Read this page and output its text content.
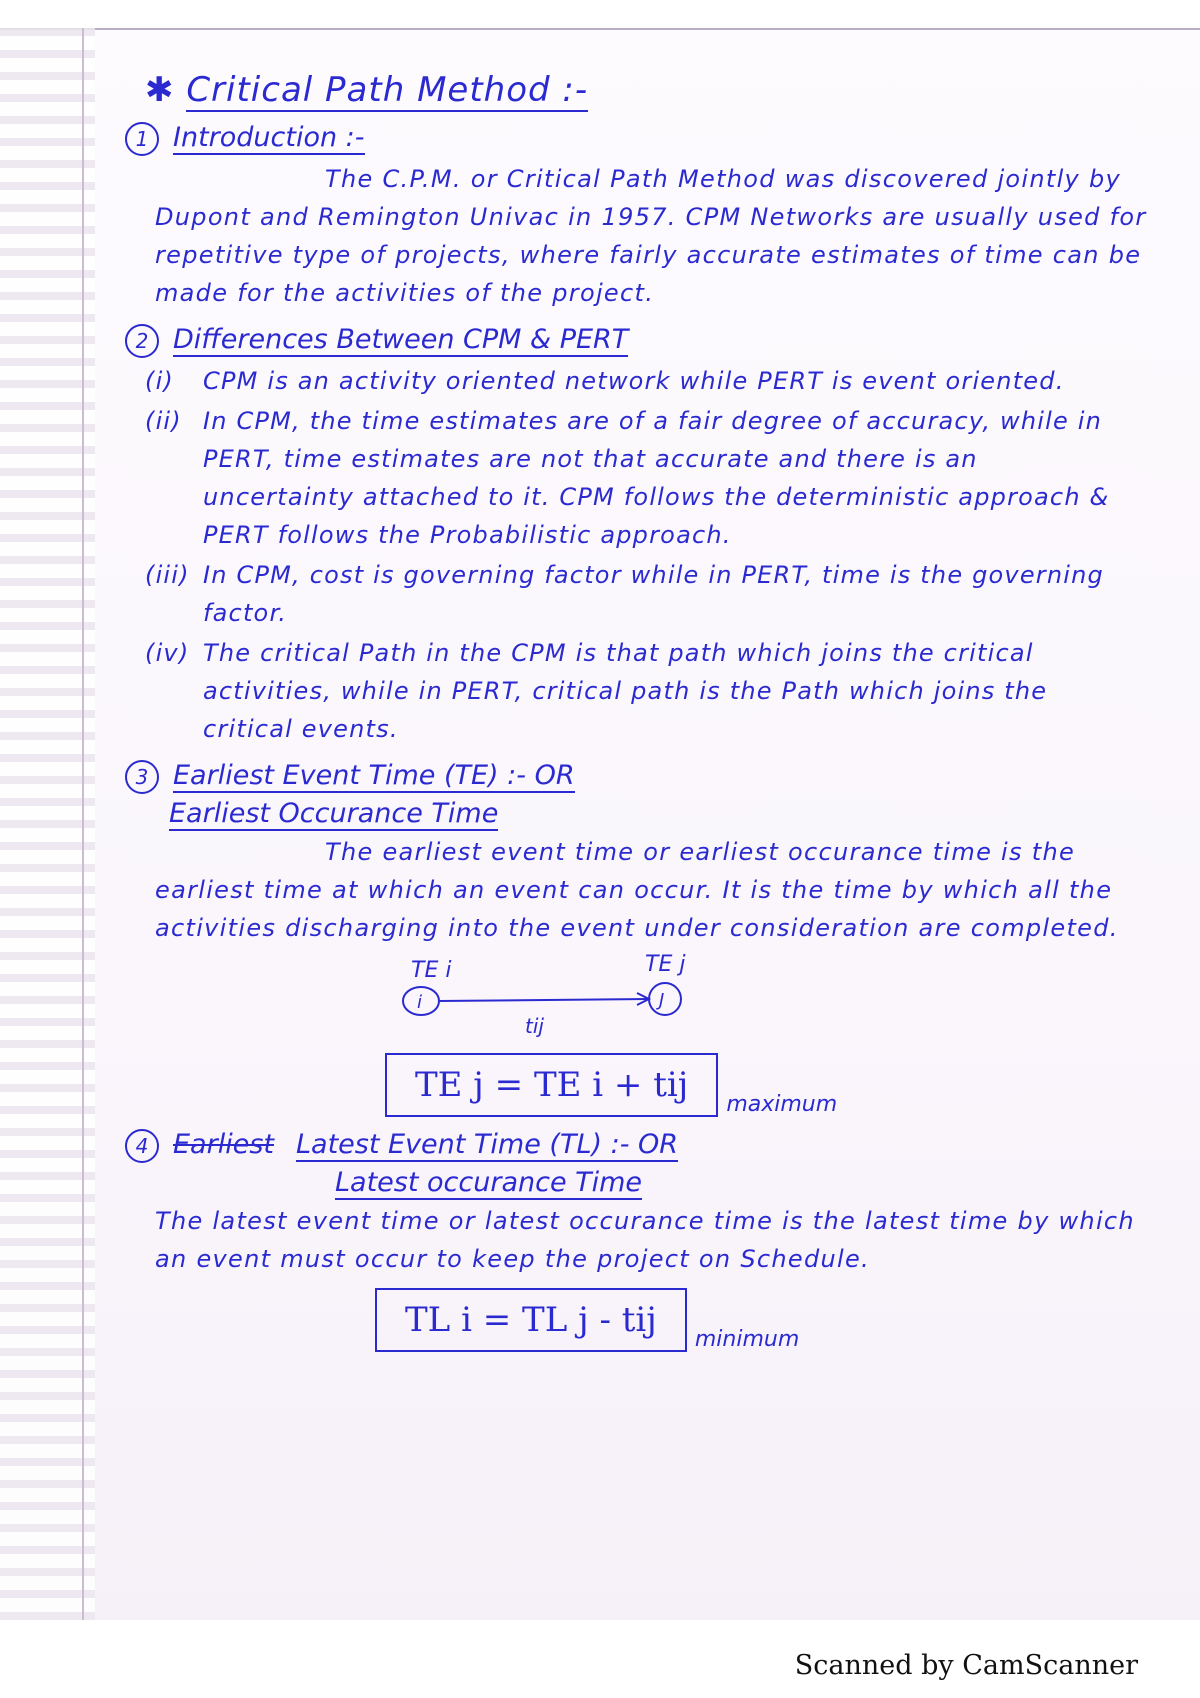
✱ Critical Path Method :-
1 Introduction :-

The C.P.M. or Critical Path Method was discovered jointly by Dupont and Remington Univac in 1957. CPM Networks are usually used for repetitive type of projects, where fairly accurate estimates of time can be made for the activities of the project.

2 Differences Between CPM & PERT
(i)	CPM is an activity oriented network while PERT is event oriented.
(ii) In CPM, the time estimates are of a fair degree of accuracy, while in PERT, time estimates are not that accurate and there is an uncertainty attached to it. CPM follows the deterministic approach & PERT follows the Probabilistic approach.
(iii) In CPM, cost is governing factor while in PERT, time is the governing factor.
(iv) The critical Path in the CPM is that path which joins the critical activities, while in PERT, critical path is the Path which joins the critical events.
3 Earliest Event Time (TE) :- OR
Earliest Occurance Time

The earliest event time or earliest occurance time is the earliest time at which an event can occur. It is the time by which all the activities discharging into the event under consideration are completed.

TE i	TE j
i	J
tij
TE j = TE i + tij	maximum
4 Earliest Latest Event Time (TL) :- OR
Latest occurance Time

The latest event time or latest occurance time is the latest time by which an event must occur to keep the project on Schedule.

TL i = TL j - tij	minimum
Scanned by CamScanner
